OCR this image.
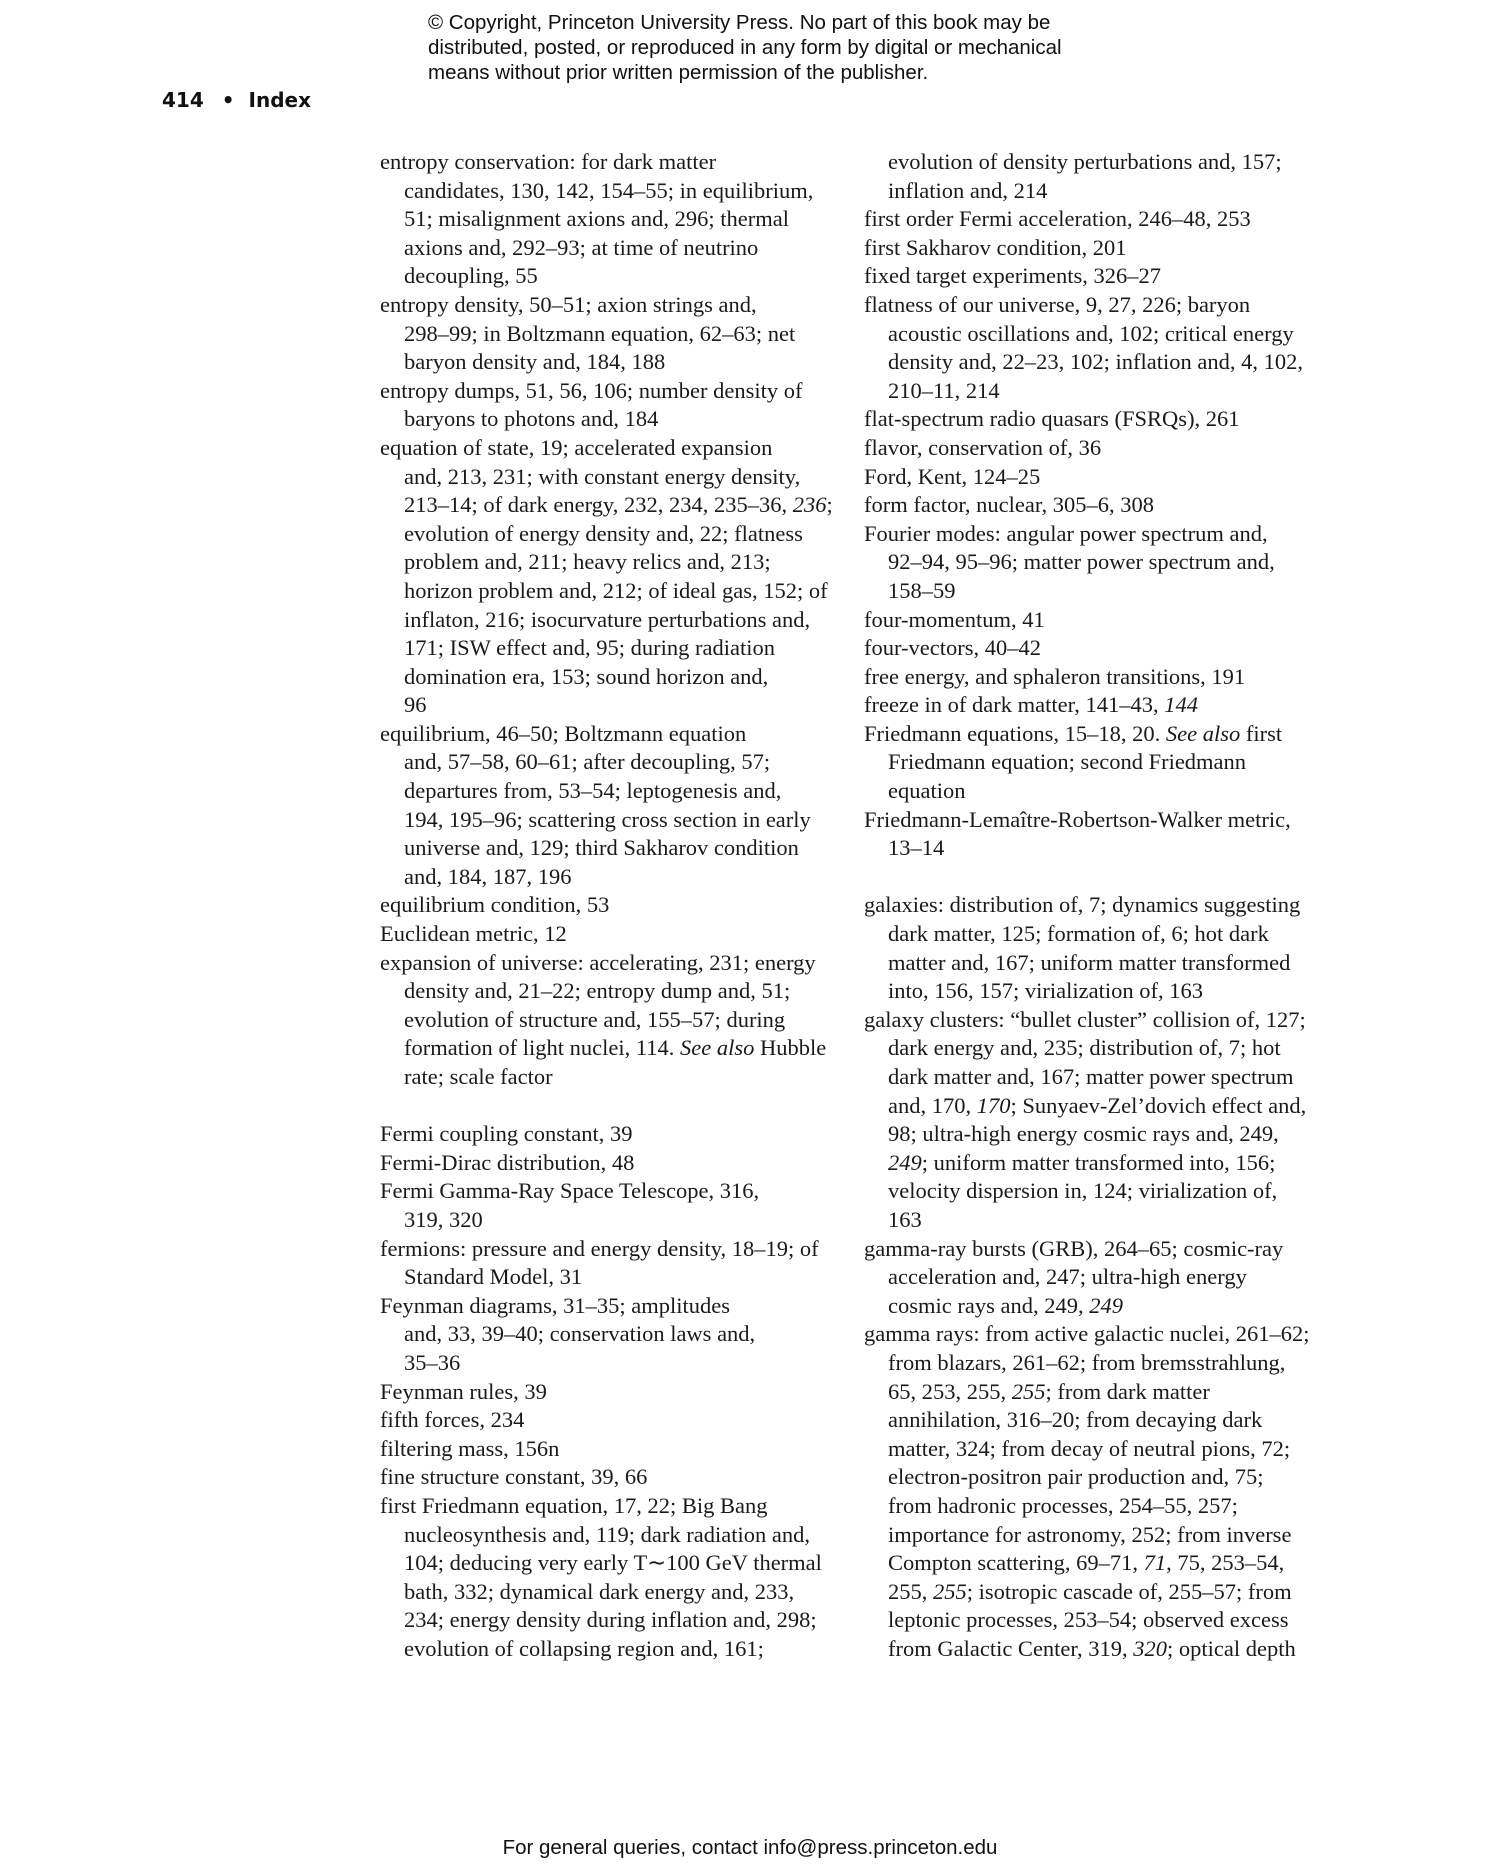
© Copyright, Princeton University Press. No part of this book may be
distributed, posted, or reproduced in any form by digital or mechanical
means without prior written permission of the publisher.
414 • Index
entropy conservation: for dark matter
candidates, 130, 142, 154–55; in equilibrium,
51; misalignment axions and, 296; thermal
axions and, 292–93; at time of neutrino
decoupling, 55
entropy density, 50–51; axion strings and,
298–99; in Boltzmann equation, 62–63; net
baryon density and, 184, 188
entropy dumps, 51, 56, 106; number density of
baryons to photons and, 184
equation of state, 19; accelerated expansion
and, 213, 231; with constant energy density,
213–14; of dark energy, 232, 234, 235–36, 236;
evolution of energy density and, 22; flatness
problem and, 211; heavy relics and, 213;
horizon problem and, 212; of ideal gas, 152; of
inflaton, 216; isocurvature perturbations and,
171; ISW effect and, 95; during radiation
domination era, 153; sound horizon and,
96
equilibrium, 46–50; Boltzmann equation
and, 57–58, 60–61; after decoupling, 57;
departures from, 53–54; leptogenesis and,
194, 195–96; scattering cross section in early
universe and, 129; third Sakharov condition
and, 184, 187, 196
equilibrium condition, 53
Euclidean metric, 12
expansion of universe: accelerating, 231; energy
density and, 21–22; entropy dump and, 51;
evolution of structure and, 155–57; during
formation of light nuclei, 114. See also Hubble
rate; scale factor
Fermi coupling constant, 39
Fermi-Dirac distribution, 48
Fermi Gamma-Ray Space Telescope, 316,
319, 320
fermions: pressure and energy density, 18–19; of
Standard Model, 31
Feynman diagrams, 31–35; amplitudes
and, 33, 39–40; conservation laws and,
35–36
Feynman rules, 39
fifth forces, 234
filtering mass, 156n
fine structure constant, 39, 66
first Friedmann equation, 17, 22; Big Bang
nucleosynthesis and, 119; dark radiation and,
104; deducing very early T∼100 GeV thermal
bath, 332; dynamical dark energy and, 233,
234; energy density during inflation and, 298;
evolution of collapsing region and, 161;
evolution of density perturbations and, 157;
inflation and, 214
first order Fermi acceleration, 246–48, 253
first Sakharov condition, 201
fixed target experiments, 326–27
flatness of our universe, 9, 27, 226; baryon
acoustic oscillations and, 102; critical energy
density and, 22–23, 102; inflation and, 4, 102,
210–11, 214
flat-spectrum radio quasars (FSRQs), 261
flavor, conservation of, 36
Ford, Kent, 124–25
form factor, nuclear, 305–6, 308
Fourier modes: angular power spectrum and,
92–94, 95–96; matter power spectrum and,
158–59
four-momentum, 41
four-vectors, 40–42
free energy, and sphaleron transitions, 191
freeze in of dark matter, 141–43, 144
Friedmann equations, 15–18, 20. See also first
Friedmann equation; second Friedmann
equation
Friedmann-Lemaître-Robertson-Walker metric,
13–14
galaxies: distribution of, 7; dynamics suggesting
dark matter, 125; formation of, 6; hot dark
matter and, 167; uniform matter transformed
into, 156, 157; virialization of, 163
galaxy clusters: “bullet cluster” collision of, 127;
dark energy and, 235; distribution of, 7; hot
dark matter and, 167; matter power spectrum
and, 170, 170; Sunyaev-Zel’dovich effect and,
98; ultra-high energy cosmic rays and, 249,
249; uniform matter transformed into, 156;
velocity dispersion in, 124; virialization of,
163
gamma-ray bursts (GRB), 264–65; cosmic-ray
acceleration and, 247; ultra-high energy
cosmic rays and, 249, 249
gamma rays: from active galactic nuclei, 261–62;
from blazars, 261–62; from bremsstrahlung,
65, 253, 255, 255; from dark matter
annihilation, 316–20; from decaying dark
matter, 324; from decay of neutral pions, 72;
electron-positron pair production and, 75;
from hadronic processes, 254–55, 257;
importance for astronomy, 252; from inverse
Compton scattering, 69–71, 71, 75, 253–54,
255, 255; isotropic cascade of, 255–57; from
leptonic processes, 253–54; observed excess
from Galactic Center, 319, 320; optical depth
For general queries, contact info@press.princeton.edu
